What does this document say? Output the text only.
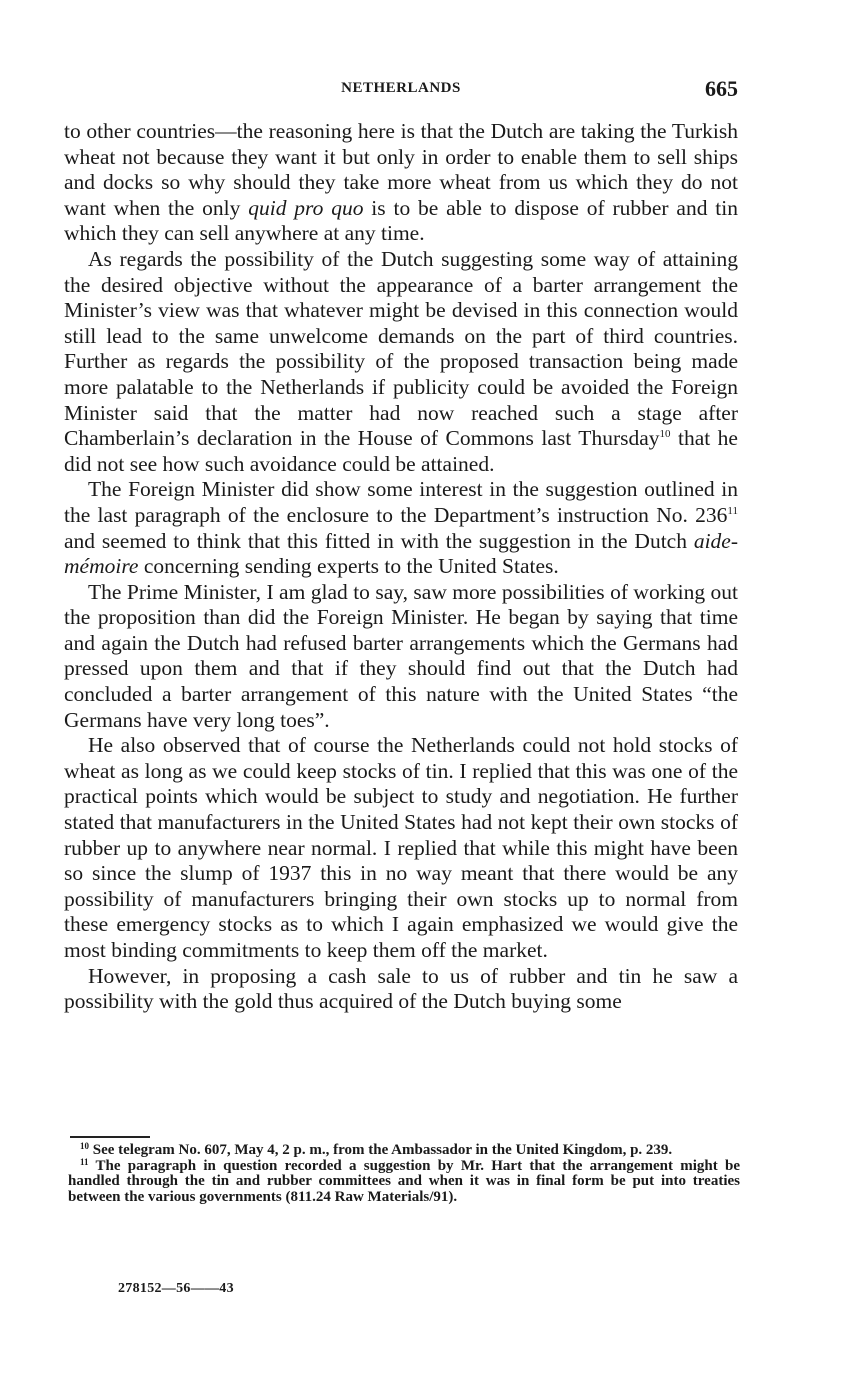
NETHERLANDS	665

to other countries—the reasoning here is that the Dutch are taking the Turkish wheat not because they want it but only in order to enable them to sell ships and docks so why should they take more wheat from us which they do not want when the only quid pro quo is to be able to dispose of rubber and tin which they can sell anywhere at any time.

As regards the possibility of the Dutch suggesting some way of attaining the desired objective without the appearance of a barter arrangement the Minister’s view was that whatever might be devised in this connection would still lead to the same unwelcome demands on the part of third countries. Further as regards the possibility of the proposed transaction being made more palatable to the Netherlands if publicity could be avoided the Foreign Minister said that the matter had now reached such a stage after Chamberlain’s declaration in the House of Commons last Thursday$^{10}$ that he did not see how such avoidance could be attained.

The Foreign Minister did show some interest in the suggestion outlined in the last paragraph of the enclosure to the Department’s instruction No. $236^{11}$ and seemed to think that this fitted in with the suggestion in the Dutch aide-mémoire concerning sending experts to the United States.

The Prime Minister, I am glad to say, saw more possibilities of working out the proposition than did the Foreign Minister. He began by saying that time and again the Dutch had refused barter arrangements which the Germans had pressed upon them and that if they should find out that the Dutch had concluded a barter arrangement of this nature with the United States “the Germans have very long toes”.

He also observed that of course the Netherlands could not hold stocks of wheat as long as we could keep stocks of tin. I replied that this was one of the practical points which would be subject to study and negotiation. He further stated that manufacturers in the United States had not kept their own stocks of rubber up to anywhere near normal. I replied that while this might have been so since the slump of 1937 this in no way meant that there would be any possibility of manufacturers bringing their own stocks up to normal from these emergency stocks as to which I again emphasized we would give the most binding commitments to keep them off the market.

However, in proposing a cash sale to us of rubber and tin he saw a possibility with the gold thus acquired of the Dutch buying some

$^{10}$ See telegram No. 607, May 4, 2 p. m., from the Ambassador in the United Kingdom, p. 239.

$^{11}$ The paragraph in question recorded a suggestion by Mr. Hart that the arrangement might be handled through the tin and rubber committees and when it was in final form be put into treaties between the various governments (811.24 Raw Materials/91).

278152—56——43
